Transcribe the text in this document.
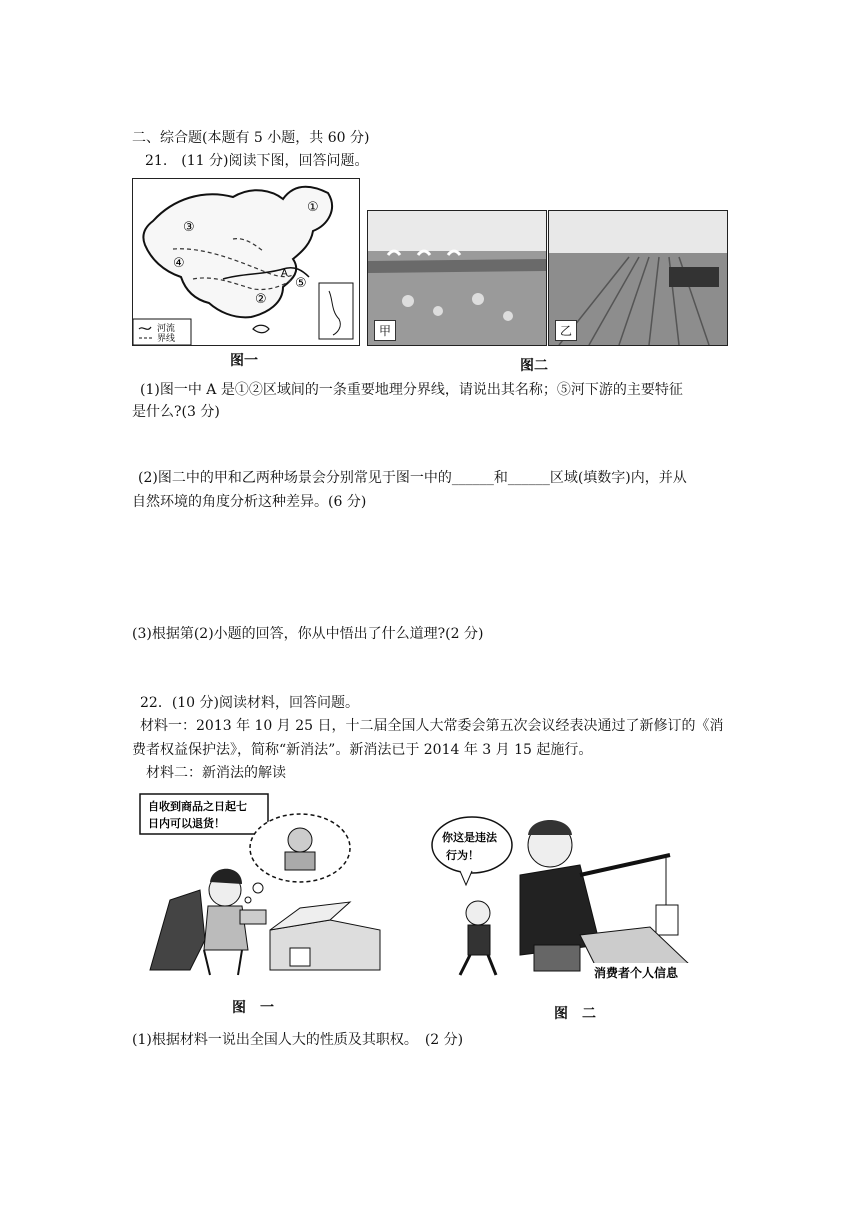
二、综合题(本题有 5 小题，共 60 分)
21.　(11 分)阅读下图，回答问题。
河流
界线
①
②
③
④
⑤
A
图一
甲	乙
图二
(1)图一中 A 是①②区域间的一条重要地理分界线，请说出其名称；⑤河下游的主要特征
是什么?(3 分)
(2)图二中的甲和乙两种场景会分别常见于图一中的______和______区域(填数字)内，并从
自然环境的角度分析这种差异。(6 分)
(3)根据第(2)小题的回答，你从中悟出了什么道理?(2 分)
22．(10 分)阅读材料，回答问题。
材料一：2013 年 10 月 25 日，十二届全国人大常委会第五次会议经表决通过了新修订的《消
费者权益保护法》，简称“新消法”。新消法已于 2014 年 3 月 15 起施行。
材料二：新消法的解读
自收到商品之日起七
日内可以退货！
图　一
你这是违法
行为！
消费者个人信息
图　二
(1)根据材料一说出全国人大的性质及其职权。　(2 分)
